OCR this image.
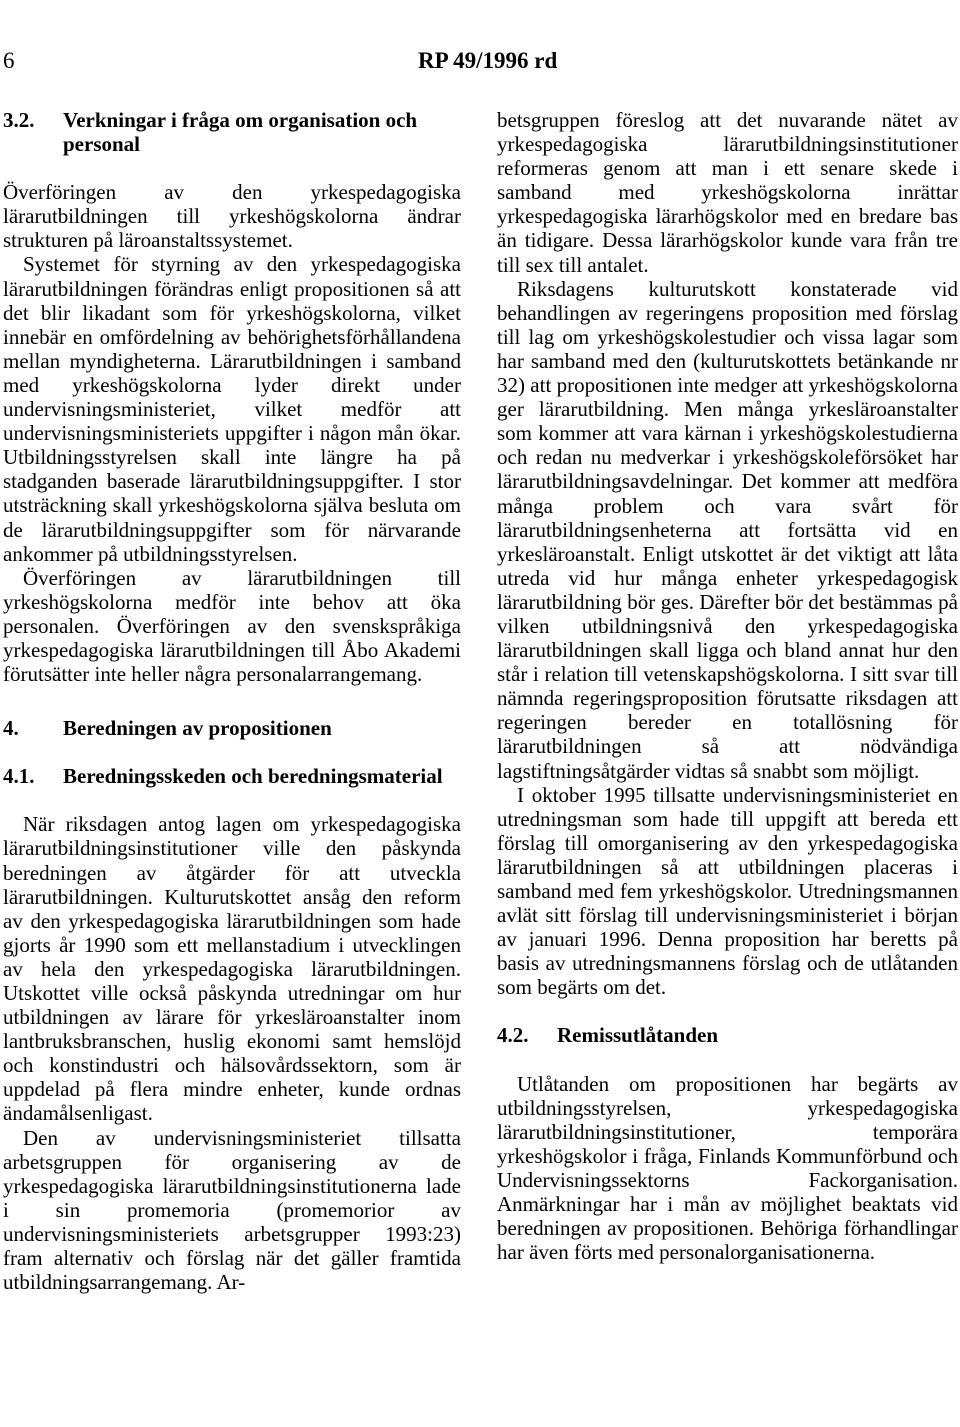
6	RP 49/1996 rd
3.2. Verkningar i fråga om organisation och personal

Överföringen av den yrkespedagogiska lärarutbildningen till yrkeshögskolorna ändrar strukturen på läroanstaltssystemet.

Systemet för styrning av den yrkespedagogiska lärarutbildningen förändras enligt propositionen så att det blir likadant som för yrkeshögskolorna, vilket innebär en omfördelning av behörighetsförhållandena mellan myndigheterna. Lärarutbildningen i samband med yrkeshögskolorna lyder direkt under undervisningsministeriet, vilket medför att undervisningsministeriets uppgifter i någon mån ökar. Utbildningsstyrelsen skall inte längre ha på stadganden baserade lärarutbildningsuppgifter. I stor utsträckning skall yrkeshögskolorna själva besluta om de lärarutbildningsuppgifter som för närvarande ankommer på utbildningsstyrelsen.

Överföringen av lärarutbildningen till yrkeshögskolorna medför inte behov att öka personalen. Överföringen av den svenskspråkiga yrkespedagogiska lärarutbildningen till Åbo Akademi förutsätter inte heller några personalarrangemang.

4. Beredningen av propositionen
4.1. Beredningsskeden och beredningsmaterial

När riksdagen antog lagen om yrkespedagogiska lärarutbildningsinstitutioner ville den påskynda beredningen av åtgärder för att utveckla lärarutbildningen. Kulturutskottet ansåg den reform av den yrkespedagogiska lärarutbildningen som hade gjorts år 1990 som ett mellanstadium i utvecklingen av hela den yrkespedagogiska lärarutbildningen. Utskottet ville också påskynda utredningar om hur utbildningen av lärare för yrkesläroanstalter inom lantbruksbranschen, huslig ekonomi samt hemslöjd och konstindustri och hälsovårdssektorn, som är uppdelad på flera mindre enheter, kunde ordnas ändamålsenligast.

Den av undervisningsministeriet tillsatta arbetsgruppen för organisering av de yrkespedagogiska lärarutbildningsinstitutionerna lade i sin promemoria (promemorior av undervisningsministeriets arbetsgrupper 1993:23) fram alternativ och förslag när det gäller framtida utbildningsarrangemang. Ar-

betsgruppen föreslog att det nuvarande nätet av yrkespedagogiska lärarutbildningsinstitutioner reformeras genom att man i ett senare skede i samband med yrkeshögskolorna inrättar yrkespedagogiska lärarhögskolor med en bredare bas än tidigare. Dessa lärarhögskolor kunde vara från tre till sex till antalet.

Riksdagens kulturutskott konstaterade vid behandlingen av regeringens proposition med förslag till lag om yrkeshögskolestudier och vissa lagar som har samband med den (kulturutskottets betänkande nr 32) att propositionen inte medger att yrkeshögskolorna ger lärarutbildning. Men många yrkesläroanstalter som kommer att vara kärnan i yrkeshögskolestudierna och redan nu medverkar i yrkeshögskoleförsöket har lärarutbildningsavdelningar. Det kommer att medföra många problem och vara svårt för lärarutbildningsenheterna att fortsätta vid en yrkesläroanstalt. Enligt utskottet är det viktigt att låta utreda vid hur många enheter yrkespedagogisk lärarutbildning bör ges. Därefter bör det bestämmas på vilken utbildningsnivå den yrkespedagogiska lärarutbildningen skall ligga och bland annat hur den står i relation till vetenskapshögskolorna. I sitt svar till nämnda regeringsproposition förutsatte riksdagen att regeringen bereder en totallösning för lärarutbildningen så att nödvändiga lagstiftningsåtgärder vidtas så snabbt som möjligt.

I oktober 1995 tillsatte undervisningsministeriet en utredningsman som hade till uppgift att bereda ett förslag till omorganisering av den yrkespedagogiska lärarutbildningen så att utbildningen placeras i samband med fem yrkeshögskolor. Utredningsmannen avlät sitt förslag till undervisningsministeriet i början av januari 1996. Denna proposition har beretts på basis av utredningsmannens förslag och de utlåtanden som begärts om det.

4.2. Remissutlåtanden

Utlåtanden om propositionen har begärts av utbildningsstyrelsen, yrkespedagogiska lärarutbildningsinstitutioner, temporära yrkeshögskolor i fråga, Finlands Kommunförbund och Undervisningssektorns Fackorganisation. Anmärkningar har i mån av möjlighet beaktats vid beredningen av propositionen. Behöriga förhandlingar har även förts med personalorganisationerna.
